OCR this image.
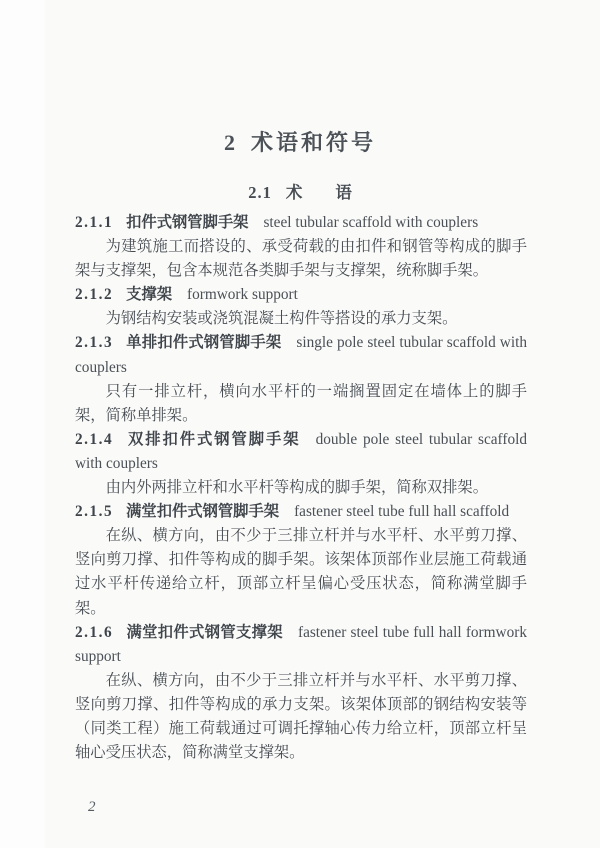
2 术语和符号
2.1 术　　语

2.1.1 扣件式钢管脚手架 steel tubular scaffold with couplers

为建筑施工而搭设的、承受荷载的由扣件和钢管等构成的脚手架与支撑架，包含本规范各类脚手架与支撑架，统称脚手架。

2.1.2 支撑架 formwork support

为钢结构安装或浇筑混凝土构件等搭设的承力支架。

2.1.3 单排扣件式钢管脚手架 single pole steel tubular scaffold with couplers

只有一排立杆，横向水平杆的一端搁置固定在墙体上的脚手架，简称单排架。

2.1.4 双排扣件式钢管脚手架 double pole steel tubular scaffold with couplers

由内外两排立杆和水平杆等构成的脚手架，简称双排架。

2.1.5 满堂扣件式钢管脚手架 fastener steel tube full hall scaffold

在纵、横方向，由不少于三排立杆并与水平杆、水平剪刀撑、竖向剪刀撑、扣件等构成的脚手架。该架体顶部作业层施工荷载通过水平杆传递给立杆，顶部立杆呈偏心受压状态，简称满堂脚手架。

2.1.6 满堂扣件式钢管支撑架 fastener steel tube full hall formwork support

在纵、横方向，由不少于三排立杆并与水平杆、水平剪刀撑、竖向剪刀撑、扣件等构成的承力支架。该架体顶部的钢结构安装等（同类工程）施工荷载通过可调托撑轴心传力给立杆，顶部立杆呈轴心受压状态，简称满堂支撑架。

2
